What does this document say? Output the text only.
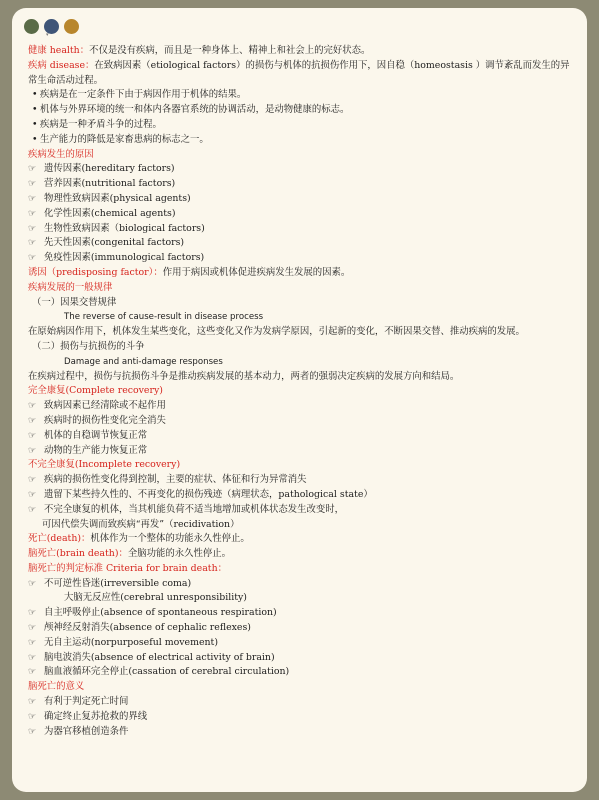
▾
健康 health：不仅是没有疾病，而且是一种身体上、精神上和社会上的完好状态。
疾病 disease：在致病因素（etiological factors）的损伤与机体的抗损伤作用下，因自稳（homeostasis ）调节紊乱而发生的异常生命活动过程。
• 疾病是在一定条件下由于病因作用于机体的结果。
• 机体与外界环境的统一和体内各器官系统的协调活动，是动物健康的标志。
• 疾病是一种矛盾斗争的过程。
• 生产能力的降低是家畜患病的标志之一。
疾病发生的原因
☞ 遗传因素(hereditary factors)
☞ 营养因素(nutritional factors)
☞ 物理性致病因素(physical agents)
☞ 化学性因素(chemical agents)
☞ 生物性致病因素（biological factors)
☞ 先天性因素(congenital factors)
☞ 免疫性因素(immunological factors)
诱因（predisposing factor）：作用于病因或机体促进疾病发生发展的因素。
疾病发展的一般规律
（一）因果交替规律
The reverse of cause-result in disease process
在原始病因作用下，机体发生某些变化，这些变化又作为发病学原因，引起新的变化，不断因果交替、推动疾病的发展。
（二）损伤与抗损伤的斗争
Damage and anti-damage responses
在疾病过程中，损伤与抗损伤斗争是推动疾病发展的基本动力，两者的强弱决定疾病的发展方向和结局。
完全康复(Complete recovery)
☞ 致病因素已经清除或不起作用
☞ 疾病时的损伤性变化完全消失
☞ 机体的自稳调节恢复正常
☞ 动物的生产能力恢复正常
不完全康复(Incomplete recovery)
☞ 疾病的损伤性变化得到控制，主要的症状、体征和行为异常消失
☞ 遗留下某些持久性的、不再变化的损伤残迹（病理状态，pathological state）
☞ 不完全康复的机体，当其机能负荷不适当地增加或机体状态发生改变时，
可因代偿失调而致疾病“再发”（recidivation）
死亡(death)：机体作为一个整体的功能永久性停止。
脑死亡(brain death)：全脑功能的永久性停止。
脑死亡的判定标准 Criteria for brain death：
☞ 不可逆性昏迷(irreversible coma)
大脑无反应性(cerebral unresponsibility)
☞ 自主呼吸停止(absence of spontaneous respiration)
☞ 颅神经反射消失(absence of cephalic reflexes)
☞ 无自主运动(norpurposeful movement)
☞ 脑电波消失(absence of electrical activity of brain)
☞ 脑血液循环完全停止(cassation of cerebral circulation)
脑死亡的意义
☞ 有利于判定死亡时间
☞ 确定终止复苏抢救的界线
☞ 为器官移植创造条件
